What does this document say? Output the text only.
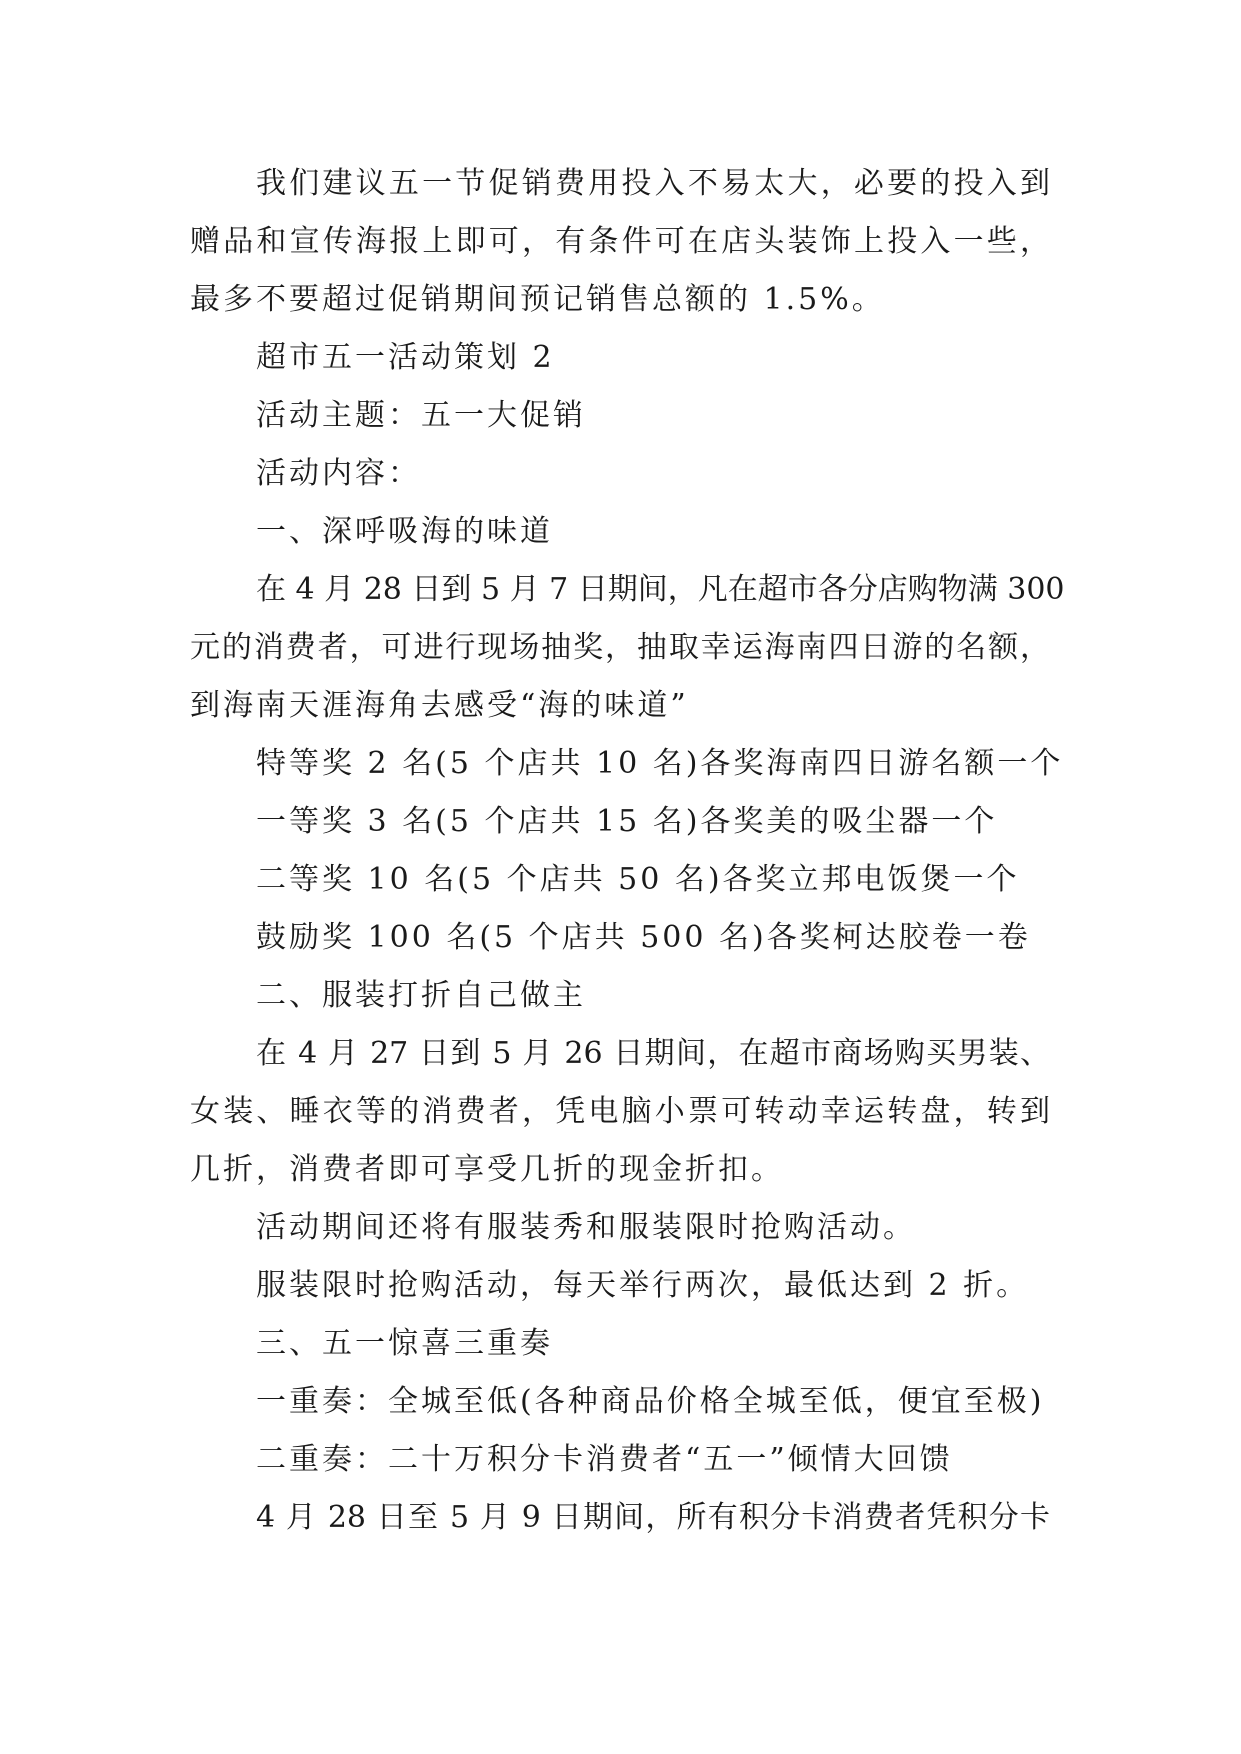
我们建议五一节促销费用投入不易太大，必要的投入到
赠品和宣传海报上即可，有条件可在店头装饰上投入一些，
最多不要超过促销期间预记销售总额的 1.5%。
超市五一活动策划 2
活动主题：五一大促销
活动内容：
一、深呼吸海的味道
在 4 月 28 日到 5 月 7 日期间，凡在超市各分店购物满 300
元的消费者，可进行现场抽奖，抽取幸运海南四日游的名额，
到海南天涯海角去感受“海的味道”
特等奖 2 名(5 个店共 10 名)各奖海南四日游名额一个
一等奖 3 名(5 个店共 15 名)各奖美的吸尘器一个
二等奖 10 名(5 个店共 50 名)各奖立邦电饭煲一个
鼓励奖 100 名(5 个店共 500 名)各奖柯达胶卷一卷
二、服装打折自己做主
在 4 月 27 日到 5 月 26 日期间，在超市商场购买男装、
女装、睡衣等的消费者，凭电脑小票可转动幸运转盘，转到
几折，消费者即可享受几折的现金折扣。
活动期间还将有服装秀和服装限时抢购活动。
服装限时抢购活动，每天举行两次，最低达到 2 折。
三、五一惊喜三重奏
一重奏：全城至低(各种商品价格全城至低，便宜至极)
二重奏：二十万积分卡消费者“五一”倾情大回馈
4 月 28 日至 5 月 9 日期间，所有积分卡消费者凭积分卡
